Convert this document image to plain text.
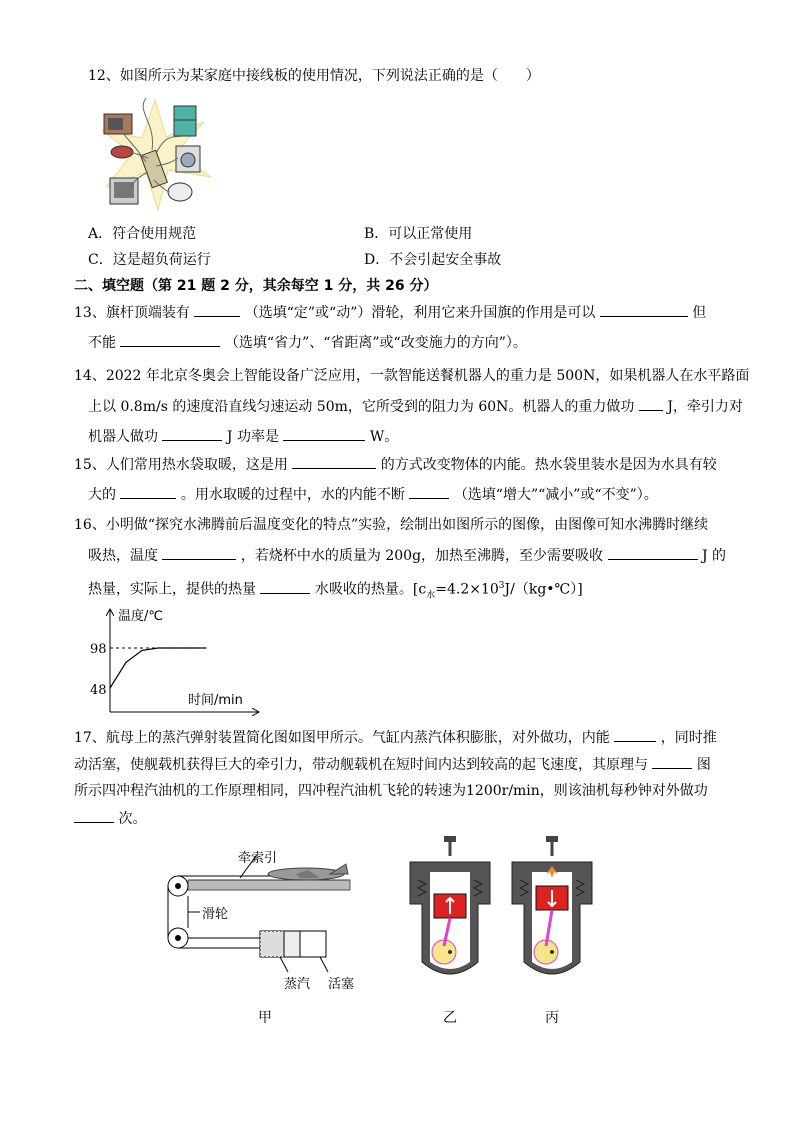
12、如图所示为某家庭中接线板的使用情况，下列说法正确的是（　　）
A．符合使用规范	B．可以正常使用
C．这是超负荷运行	D．不会引起安全事故
二、填空题（第 21 题 2 分，其余每空 1 分，共 26 分）
13、旗杆顶端装有	（选填“定”或“动”）滑轮，利用它来升国旗的作用是可以	但
不能	（选填“省力”、“省距离”或“改变施力的方向”）。
14、2022 年北京冬奥会上智能设备广泛应用，一款智能送餐机器人的重力是 500N，如果机器人在水平路面
上以 0.8m/s 的速度沿直线匀速运动 50m，它所受到的阻力为 60N。机器人的重力做功 J，牵引力对
机器人做功	J 功率是	W。
15、人们常用热水袋取暖，这是用	的方式改变物体的内能。热水袋里装水是因为水具有较
大的	。用水取暖的过程中，水的内能不断	（选填“增大”“减小”或“不变”）。
16、小明做“探究水沸腾前后温度变化的特点”实验，绘制出如图所示的图像，由图像可知水沸腾时继续
吸热，温度	，若烧杯中水的质量为 200g，加热至沸腾，至少需要吸收	J 的
热量，实际上，提供的热量	水吸收的热量。$[c_水=4.2\times 10^3J/(kg•℃)]$
温度/℃
时间/min
98
48
17、航母上的蒸汽弹射装置简化图如图甲所示。气缸内蒸汽体积膨胀，对外做功，内能	，同时推
动活塞，使舰载机获得巨大的牵引力，带动舰载机在短时间内达到较高的起飞速度，其原理与	图
所示四冲程汽油机的工作原理相同，四冲程汽油机飞轮的转速为1200r/min，则该油机每秒钟对外做功
次。
牵索引
滑轮
蒸汽 活塞
甲	乙	丙
